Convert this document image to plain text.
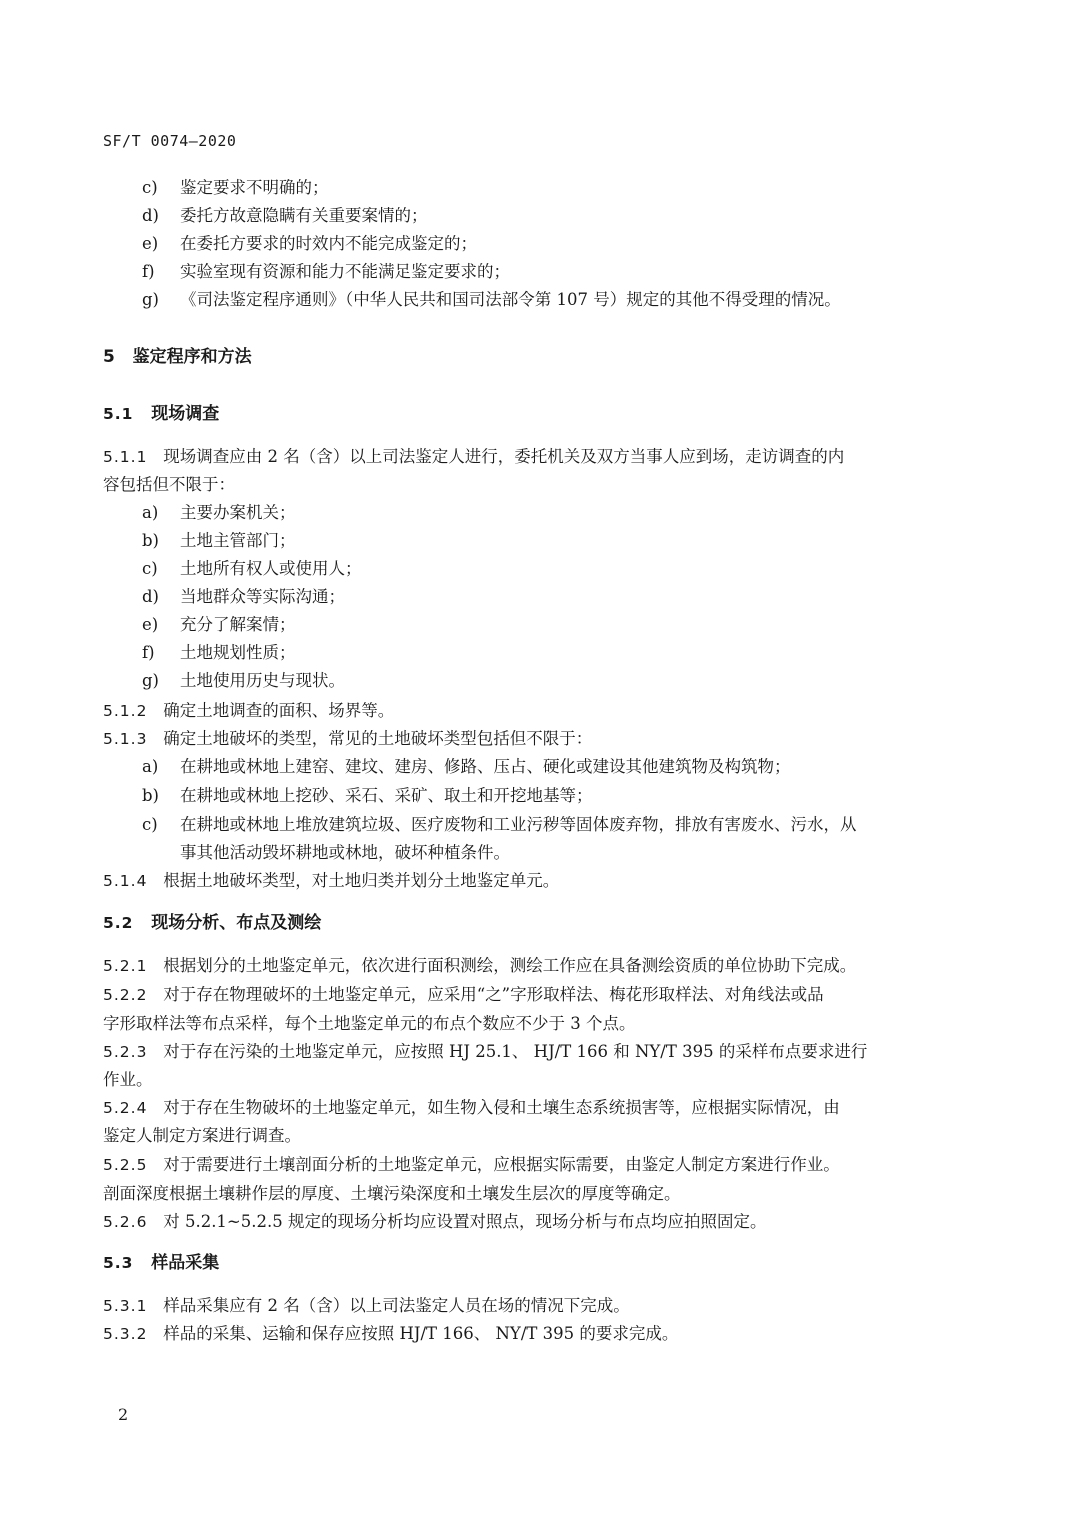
SF/T 0074—2020
c) 鉴定要求不明确的；
d) 委托方故意隐瞒有关重要案情的；
e) 在委托方要求的时效内不能完成鉴定的；
f) 实验室现有资源和能力不能满足鉴定要求的；
g) 《司法鉴定程序通则》（中华人民共和国司法部令第 107 号）规定的其他不得受理的情况。
5 鉴定程序和方法
5.1 现场调查
5.1.1 现场调查应由 2 名（含）以上司法鉴定人进行，委托机关及双方当事人应到场，走访调查的内
容包括但不限于：
a) 主要办案机关；
b) 土地主管部门；
c) 土地所有权人或使用人；
d) 当地群众等实际沟通；
e) 充分了解案情；
f) 土地规划性质；
g) 土地使用历史与现状。
5.1.2 确定土地调查的面积、场界等。
5.1.3 确定土地破坏的类型，常见的土地破坏类型包括但不限于：
a) 在耕地或林地上建窑、建坟、建房、修路、压占、硬化或建设其他建筑物及构筑物；
b) 在耕地或林地上挖砂、采石、采矿、取土和开挖地基等；
c) 在耕地或林地上堆放建筑垃圾、医疗废物和工业污秽等固体废弃物，排放有害废水、污水，从
事其他活动毁坏耕地或林地，破坏种植条件。
5.1.4 根据土地破坏类型，对土地归类并划分土地鉴定单元。
5.2 现场分析、布点及测绘
5.2.1 根据划分的土地鉴定单元，依次进行面积测绘，测绘工作应在具备测绘资质的单位协助下完成。
5.2.2 对于存在物理破坏的土地鉴定单元，应采用“之”字形取样法、梅花形取样法、对角线法或品
字形取样法等布点采样，每个土地鉴定单元的布点个数应不少于 3 个点。
5.2.3 对于存在污染的土地鉴定单元，应按照 HJ 25.1、 HJ/T 166 和 NY/T 395 的采样布点要求进行
作业。
5.2.4 对于存在生物破坏的土地鉴定单元，如生物入侵和土壤生态系统损害等，应根据实际情况，由
鉴定人制定方案进行调查。
5.2.5 对于需要进行土壤剖面分析的土地鉴定单元，应根据实际需要，由鉴定人制定方案进行作业。
剖面深度根据土壤耕作层的厚度、土壤污染深度和土壤发生层次的厚度等确定。
5.2.6 对 5.2.1~5.2.5 规定的现场分析均应设置对照点，现场分析与布点均应拍照固定。
5.3 样品采集
5.3.1 样品采集应有 2 名（含）以上司法鉴定人员在场的情况下完成。
5.3.2 样品的采集、运输和保存应按照 HJ/T 166、 NY/T 395 的要求完成。
2
